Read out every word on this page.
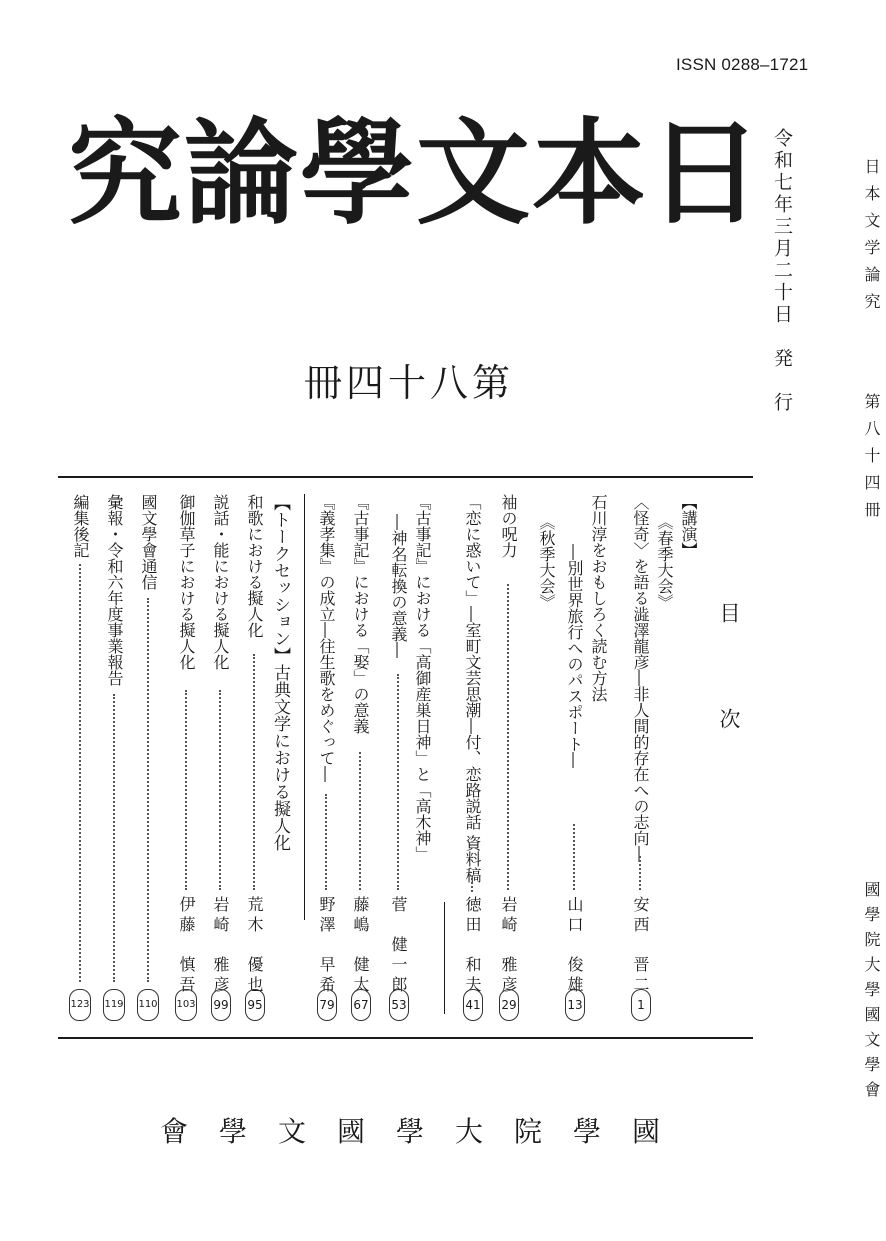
ISSN 0288–1721
究論學文本日
冊四十八第	令和七年三月二十日　発　行	日本文学論究
第八十四冊
國學院大學國文學會
目次
【講演】
《春季大会》
〈怪奇〉を語る澁澤龍彦―非人間的存在への志向―
安西　晋二
1
石川淳をおもしろく読む方法
―別世界旅行へのパスポート―
山口　俊雄
13
《秋季大会》
袖の呪力
岩崎　雅彦
29
「恋に惑いて」―室町文芸思潮―付、恋路説話 資料稿
徳田　和夫
41
『古事記』における「高御産巣日神」と「高木神」
―神名転換の意義―
菅　健一郎
53
『古事記』における「娶」の意義
藤嶋　健太
67
『義孝集』の成立―往生歌をめぐって―
野澤　早希
79
【トークセッション】古典文学における擬人化
和歌における擬人化
荒木　優也
95
説話・能における擬人化
岩崎　雅彦
99
御伽草子における擬人化
伊藤　慎吾
103
國文學會通信
110
彙報・令和六年度事業報告
119
編集後記
123
會學文國學大院學國
